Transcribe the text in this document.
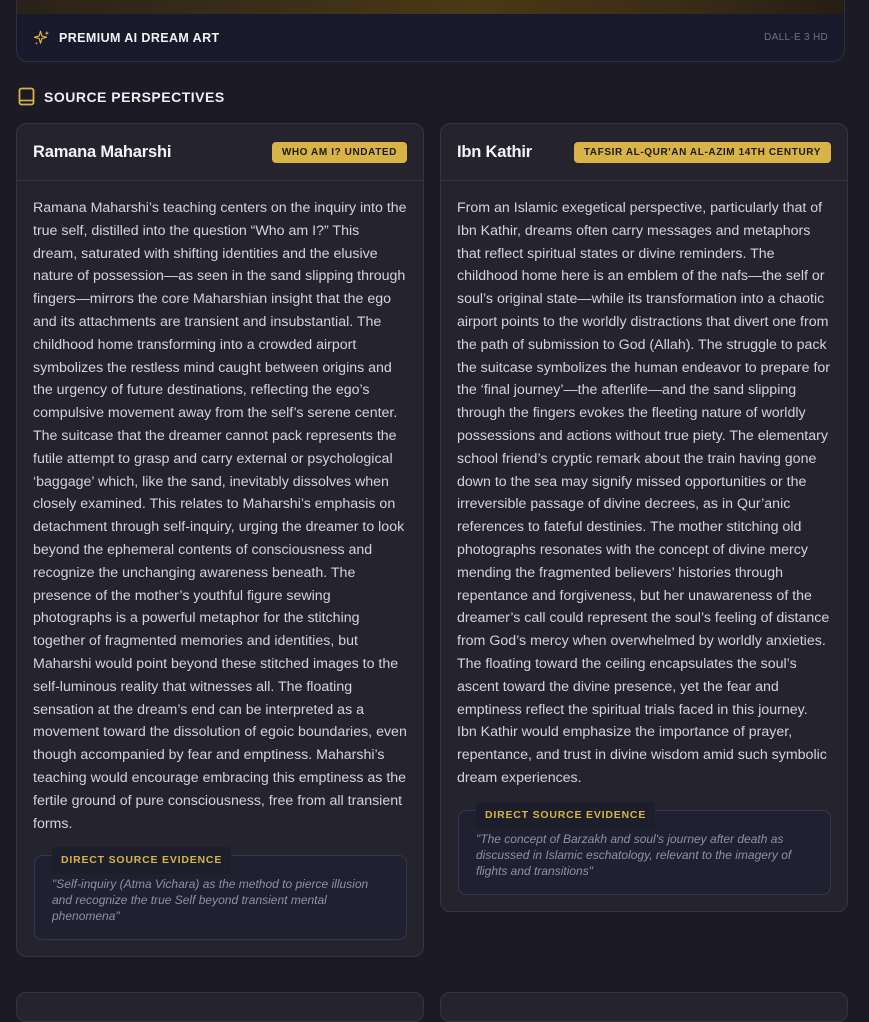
PREMIUM AI DREAM ART	DALL·E 3 HD
SOURCE PERSPECTIVES
Ramana Maharshi	WHO AM I? UNDATED
Ramana Maharshi’s teaching centers on the inquiry into the true self, distilled into the question “Who am I?” This dream, saturated with shifting identities and the elusive nature of possession—as seen in the sand slipping through fingers—mirrors the core Maharshian insight that the ego and its attachments are transient and insubstantial. The childhood home transforming into a crowded airport symbolizes the restless mind caught between origins and the urgency of future destinations, reflecting the ego’s compulsive movement away from the self’s serene center. The suitcase that the dreamer cannot pack represents the futile attempt to grasp and carry external or psychological ‘baggage’ which, like the sand, inevitably dissolves when closely examined. This relates to Maharshi’s emphasis on detachment through self-inquiry, urging the dreamer to look beyond the ephemeral contents of consciousness and recognize the unchanging awareness beneath. The presence of the mother’s youthful figure sewing photographs is a powerful metaphor for the stitching together of fragmented memories and identities, but Maharshi would point beyond these stitched images to the self-luminous reality that witnesses all. The floating sensation at the dream’s end can be interpreted as a movement toward the dissolution of egoic boundaries, even though accompanied by fear and emptiness. Maharshi’s teaching would encourage embracing this emptiness as the fertile ground of pure consciousness, free from all transient forms.
DIRECT SOURCE EVIDENCE
"Self-inquiry (Atma Vichara) as the method to pierce illusion and recognize the true Self beyond transient mental phenomena"
Ibn Kathir	TAFSIR AL-QUR'AN AL-AZIM 14TH CENTURY
From an Islamic exegetical perspective, particularly that of Ibn Kathir, dreams often carry messages and metaphors that reflect spiritual states or divine reminders. The childhood home here is an emblem of the nafs—the self or soul’s original state—while its transformation into a chaotic airport points to the worldly distractions that divert one from the path of submission to God (Allah). The struggle to pack the suitcase symbolizes the human endeavor to prepare for the ‘final journey’—the afterlife—and the sand slipping through the fingers evokes the fleeting nature of worldly possessions and actions without true piety. The elementary school friend’s cryptic remark about the train having gone down to the sea may signify missed opportunities or the irreversible passage of divine decrees, as in Qur’anic references to fateful destinies. The mother stitching old photographs resonates with the concept of divine mercy mending the fragmented believers’ histories through repentance and forgiveness, but her unawareness of the dreamer’s call could represent the soul’s feeling of distance from God’s mercy when overwhelmed by worldly anxieties. The floating toward the ceiling encapsulates the soul’s ascent toward the divine presence, yet the fear and emptiness reflect the spiritual trials faced in this journey. Ibn Kathir would emphasize the importance of prayer, repentance, and trust in divine wisdom amid such symbolic dream experiences.
DIRECT SOURCE EVIDENCE
"The concept of Barzakh and soul's journey after death as discussed in Islamic eschatology, relevant to the imagery of flights and transitions"
